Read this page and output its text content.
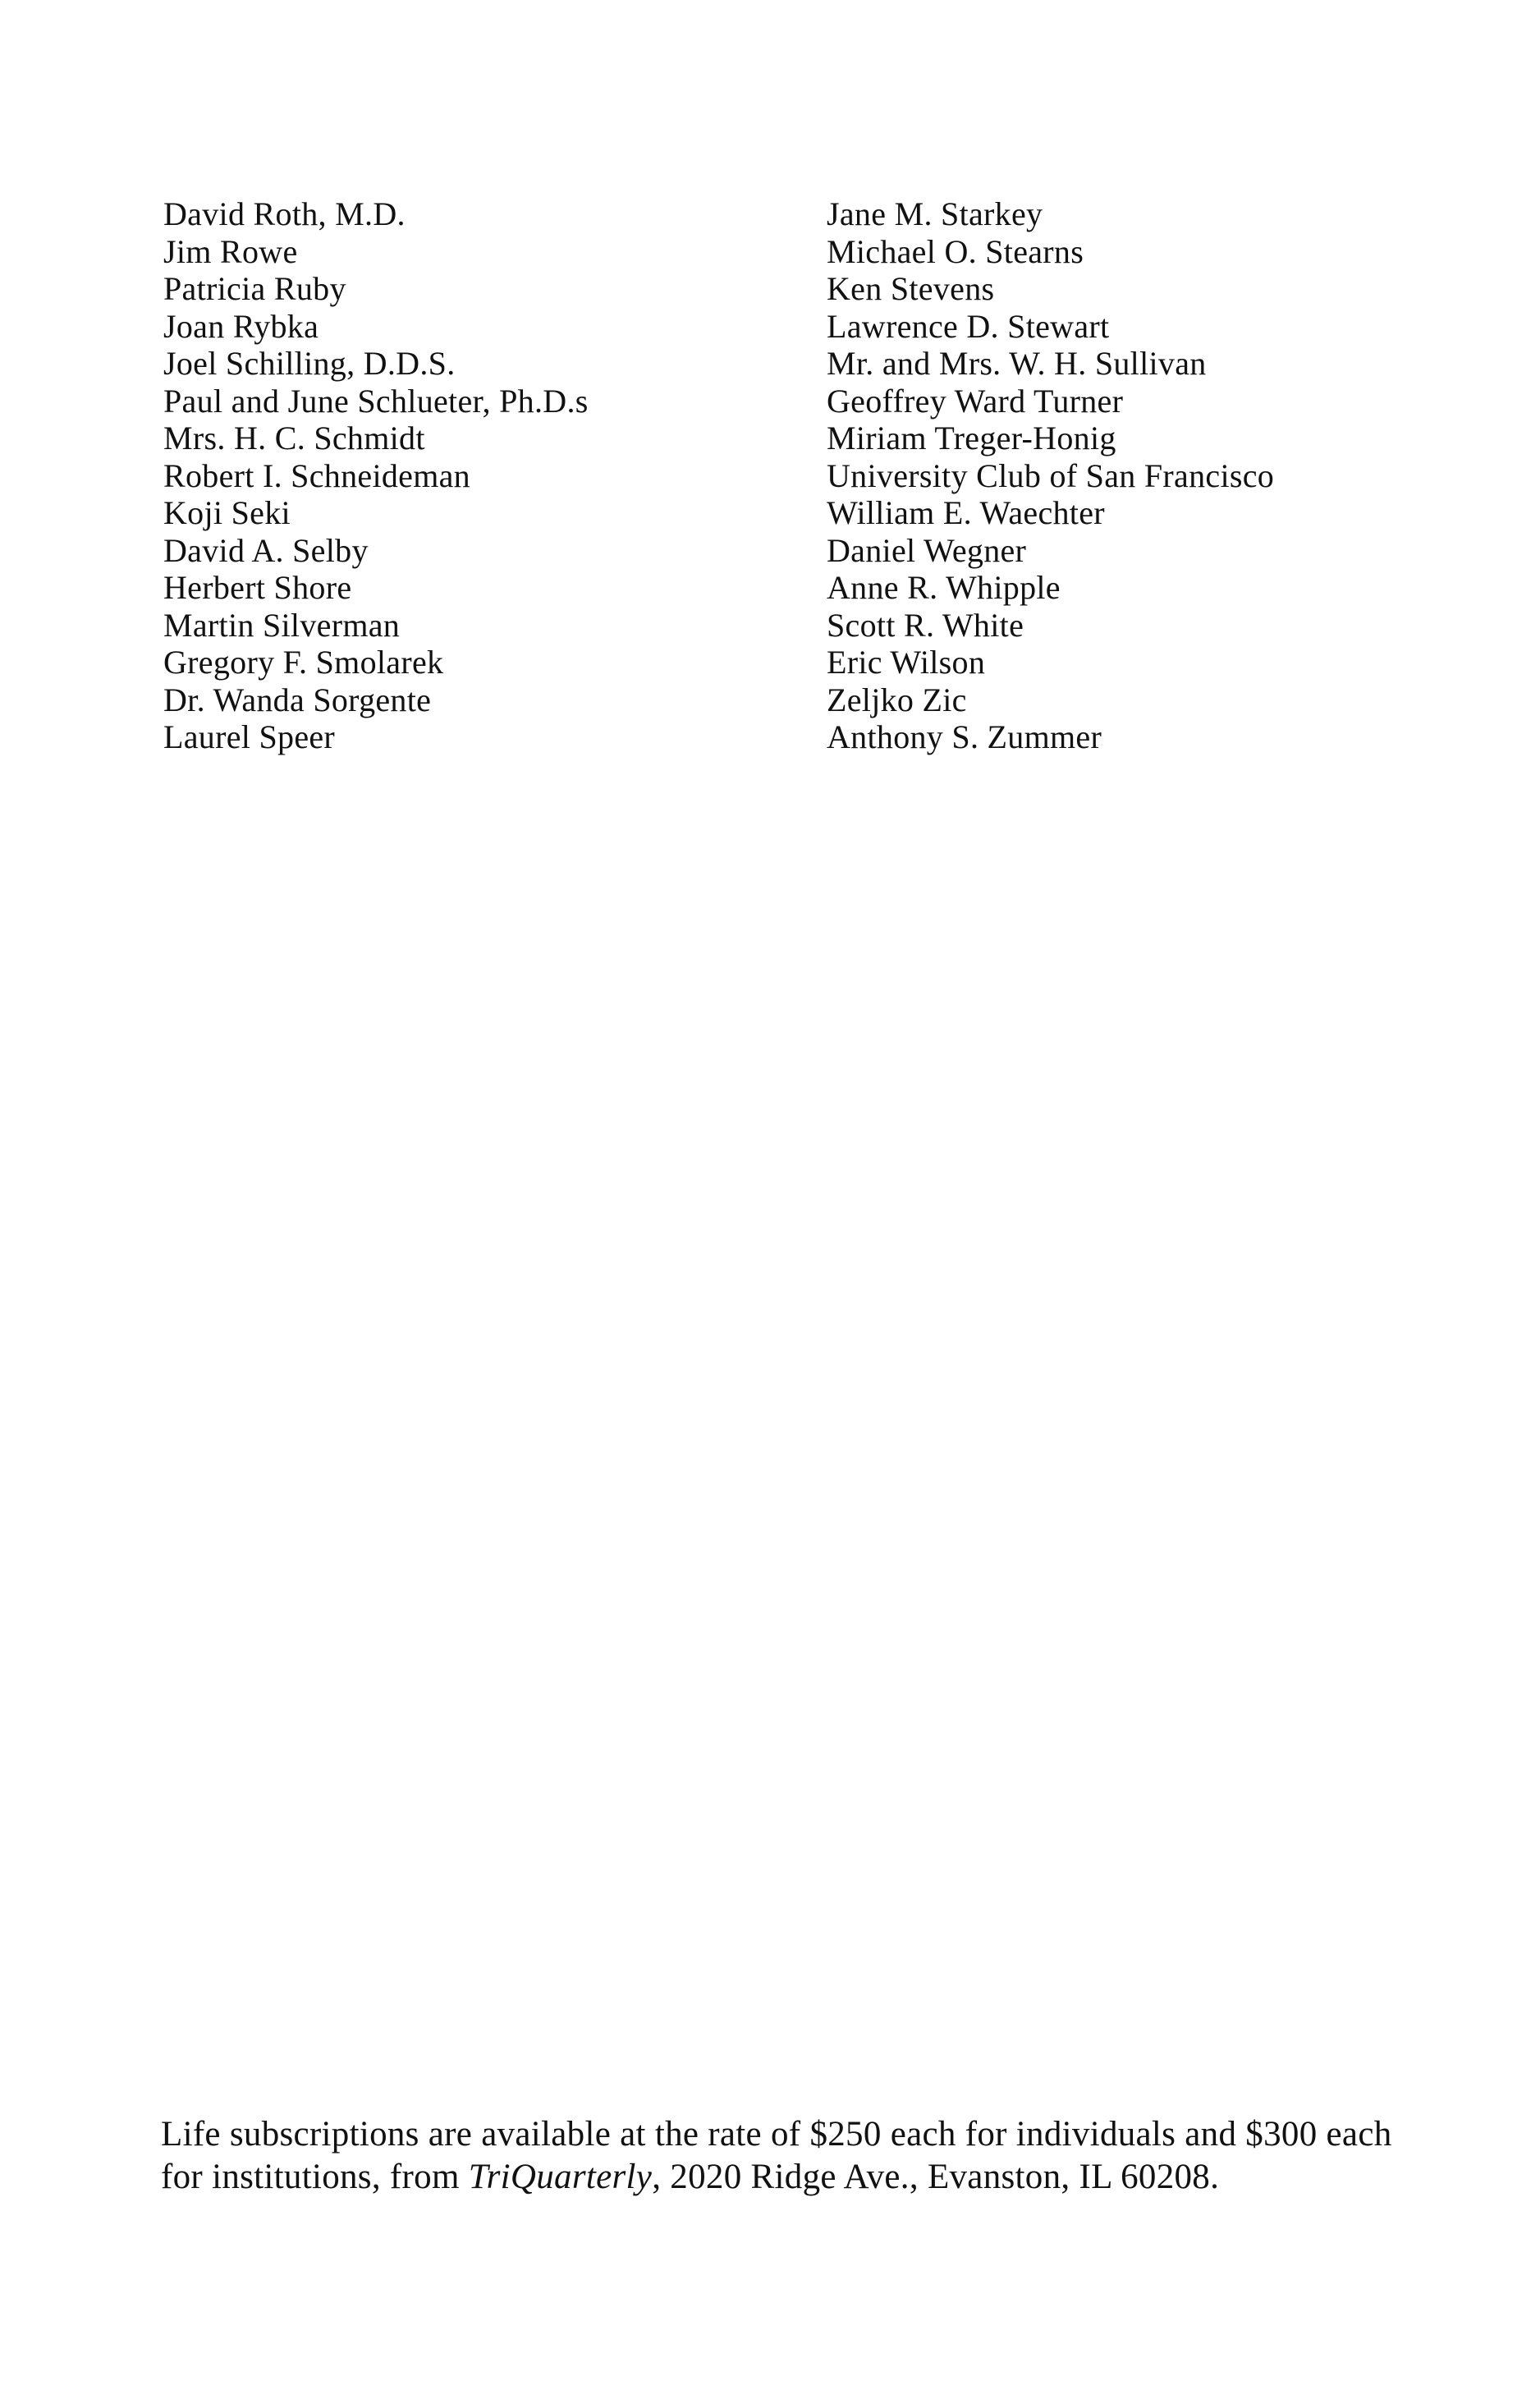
David Roth, M.D.
Jim Rowe
Patricia Ruby
Joan Rybka
Joel Schilling, D.D.S.
Paul and June Schlueter, Ph.D.s
Mrs. H. C. Schmidt
Robert I. Schneideman
Koji Seki
David A. Selby
Herbert Shore
Martin Silverman
Gregory F. Smolarek
Dr. Wanda Sorgente
Laurel Speer
Jane M. Starkey
Michael O. Stearns
Ken Stevens
Lawrence D. Stewart
Mr. and Mrs. W. H. Sullivan
Geoffrey Ward Turner
Miriam Treger-Honig
University Club of San Francisco
William E. Waechter
Daniel Wegner
Anne R. Whipple
Scott R. White
Eric Wilson
Zeljko Zic
Anthony S. Zummer

Life subscriptions are available at the rate of $250 each for individuals and $300 each for institutions, from TriQuarterly, 2020 Ridge Ave., Evanston, IL 60208.
